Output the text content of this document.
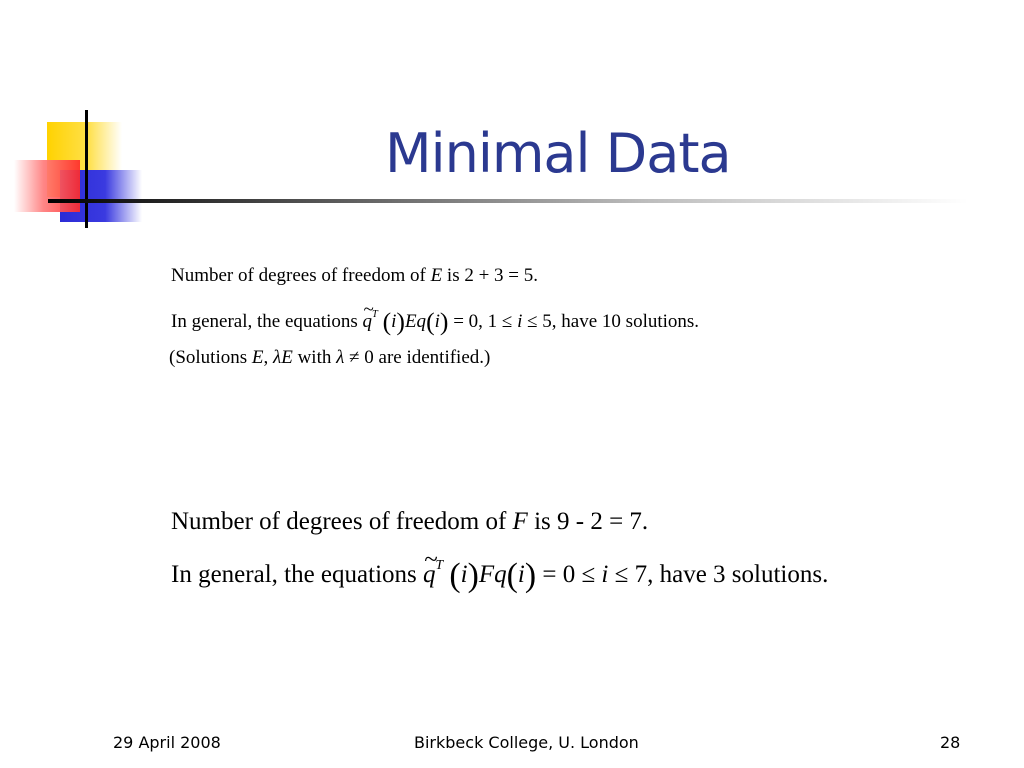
Minimal Data
Number of degrees of freedom of E is 2 + 3 = 5.
In general, the equations ~ $q^T$ (i)Eq(i) = 0, 1 ≤ i ≤ 5, have 10 solutions.
(Solutions E, λE with λ ≠ 0 are identified.)
Number of degrees of freedom of F is 9 - 2 = 7.
In general, the equations ~ $q^T$ (i)Fq(i) = 0 ≤ i ≤ 7, have 3 solutions.
29 April 2008	Birkbeck College, U. London	28
